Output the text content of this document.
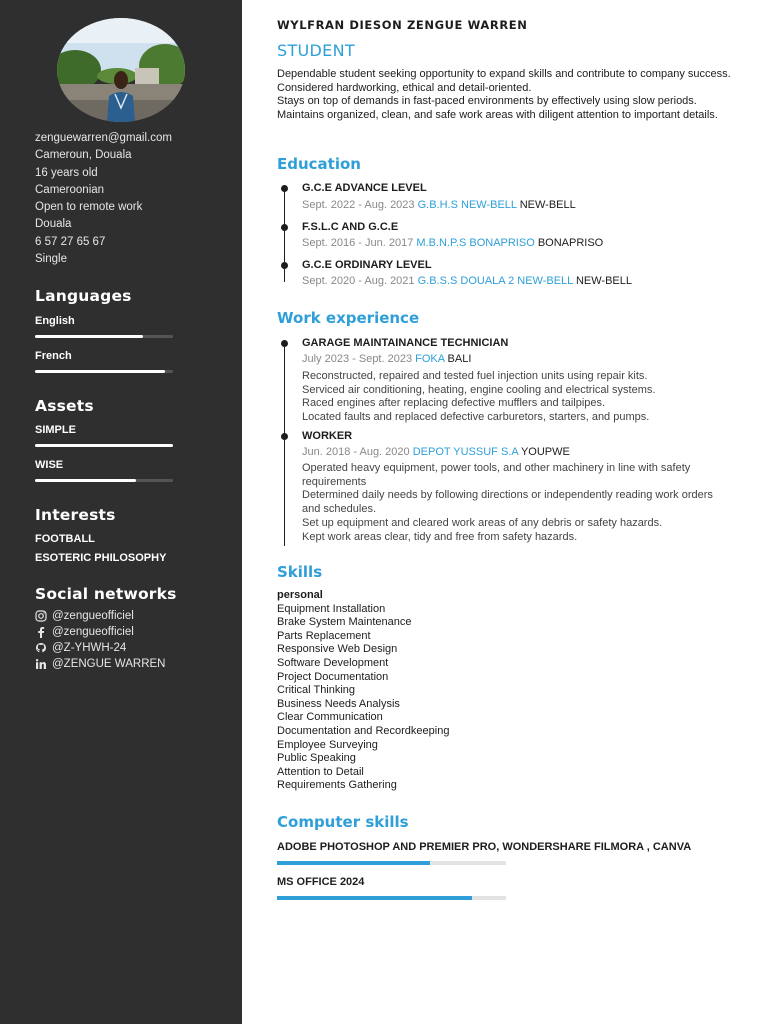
zenguewarren@gmail.com
Cameroun, Douala
16 years old
Cameroonian
Open to remote work
Douala
6 57 27 65 67
Single
Languages
English
French
Assets
SIMPLE
WISE
Interests
FOOTBALL
ESOTERIC PHILOSOPHY
Social networks
@zengueofficiel
@zengueofficiel
@Z-YHWH-24
@ZENGUE WARREN
WYLFRAN DIESON ZENGUE WARREN
STUDENT
Dependable student seeking opportunity to expand skills and contribute to company success. Considered hardworking, ethical and detail-oriented.
Stays on top of demands in fast-paced environments by effectively using slow periods. Maintains organized, clean, and safe work areas with diligent attention to important details.
Education
G.C.E ADVANCE LEVEL
Sept. 2022 - Aug. 2023 G.B.H.S NEW-BELL NEW-BELL
F.S.L.C AND G.C.E
Sept. 2016 - Jun. 2017 M.B.N.P.S BONAPRISO BONAPRISO
G.C.E ORDINARY LEVEL
Sept. 2020 - Aug. 2021 G.B.S.S DOUALA 2 NEW-BELL NEW-BELL
Work experience
GARAGE MAINTAINANCE TECHNICIAN
July 2023 - Sept. 2023 FOKA BALI
Reconstructed, repaired and tested fuel injection units using repair kits.
Serviced air conditioning, heating, engine cooling and electrical systems.
Raced engines after replacing defective mufflers and tailpipes.
Located faults and replaced defective carburetors, starters, and pumps.
WORKER
Jun. 2018 - Aug. 2020 DEPOT YUSSUF S.A YOUPWE
Operated heavy equipment, power tools, and other machinery in line with safety requirements
Determined daily needs by following directions or independently reading work orders and schedules.
Set up equipment and cleared work areas of any debris or safety hazards.
Kept work areas clear, tidy and free from safety hazards.
Skills
personal
Equipment Installation
Brake System Maintenance
Parts Replacement
Responsive Web Design
Software Development
Project Documentation
Critical Thinking
Business Needs Analysis
Clear Communication
Documentation and Recordkeeping
Employee Surveying
Public Speaking
Attention to Detail
Requirements Gathering
Computer skills
ADOBE PHOTOSHOP AND PREMIER PRO, WONDERSHARE FILMORA , CANVA
MS OFFICE 2024
